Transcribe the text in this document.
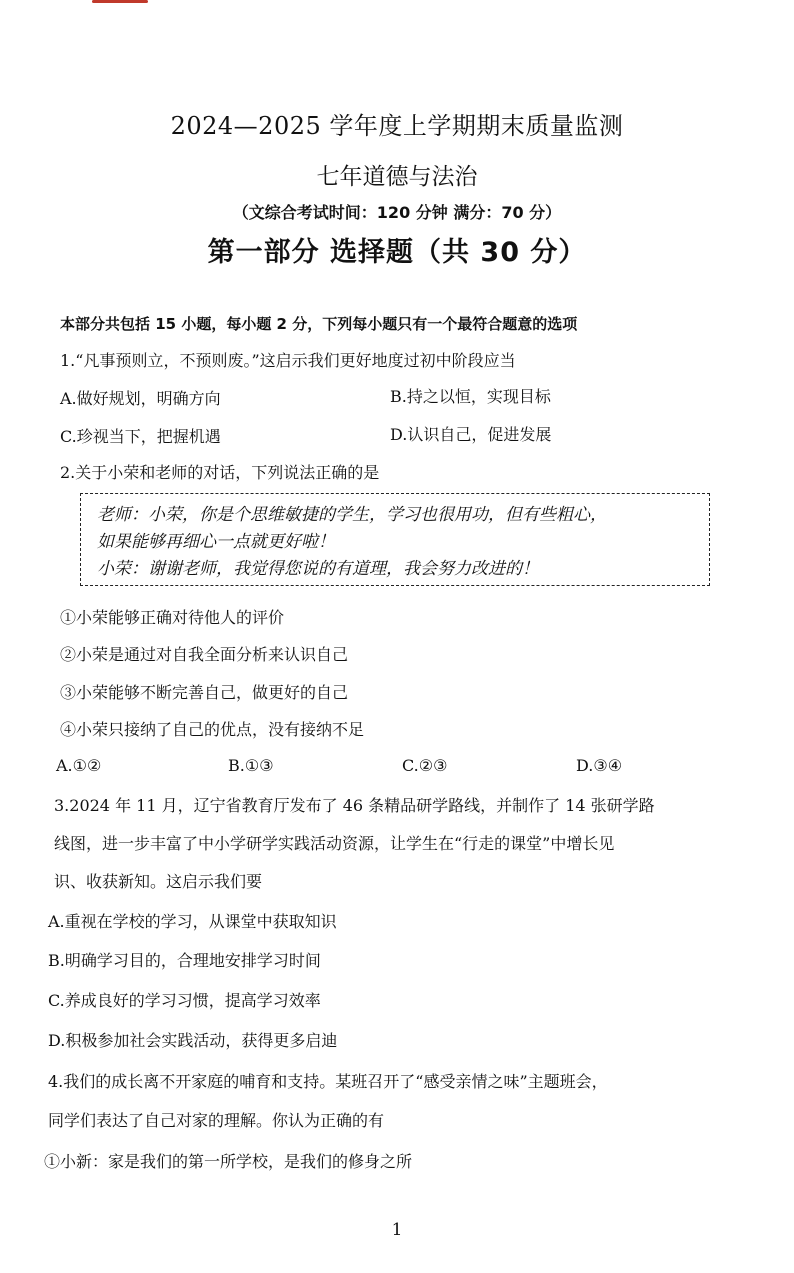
2024—2025 学年度上学期期末质量监测
七年道德与法治
（文综合考试时间：120 分钟 满分：70 分）
第一部分 选择题（共 30 分）
本部分共包括 15 小题，每小题 2 分，下列每小题只有一个最符合题意的选项
1.“凡事预则立，不预则废。”这启示我们更好地度过初中阶段应当
A.做好规划，明确方向	B.持之以恒，实现目标
C.珍视当下，把握机遇	D.认识自己，促进发展
2.关于小荣和老师的对话，下列说法正确的是
老师：小荣，你是个思维敏捷的学生，学习也很用功，但有些粗心，
如果能够再细心一点就更好啦！
小荣：谢谢老师，我觉得您说的有道理，我会努力改进的！
①小荣能够正确对待他人的评价
②小荣是通过对自我全面分析来认识自己
③小荣能够不断完善自己，做更好的自己
④小荣只接纳了自己的优点，没有接纳不足
A.①②	B.①③	C.②③	D.③④
3.2024 年 11 月，辽宁省教育厅发布了 46 条精品研学路线，并制作了 14 张研学路
线图，进一步丰富了中小学研学实践活动资源，让学生在“行走的课堂”中增长见
识、收获新知。这启示我们要
A.重视在学校的学习，从课堂中获取知识
B.明确学习目的，合理地安排学习时间
C.养成良好的学习习惯，提高学习效率
D.积极参加社会实践活动，获得更多启迪
4.我们的成长离不开家庭的哺育和支持。某班召开了“感受亲情之味”主题班会，
同学们表达了自己对家的理解。你认为正确的有
①小新：家是我们的第一所学校，是我们的修身之所
1
